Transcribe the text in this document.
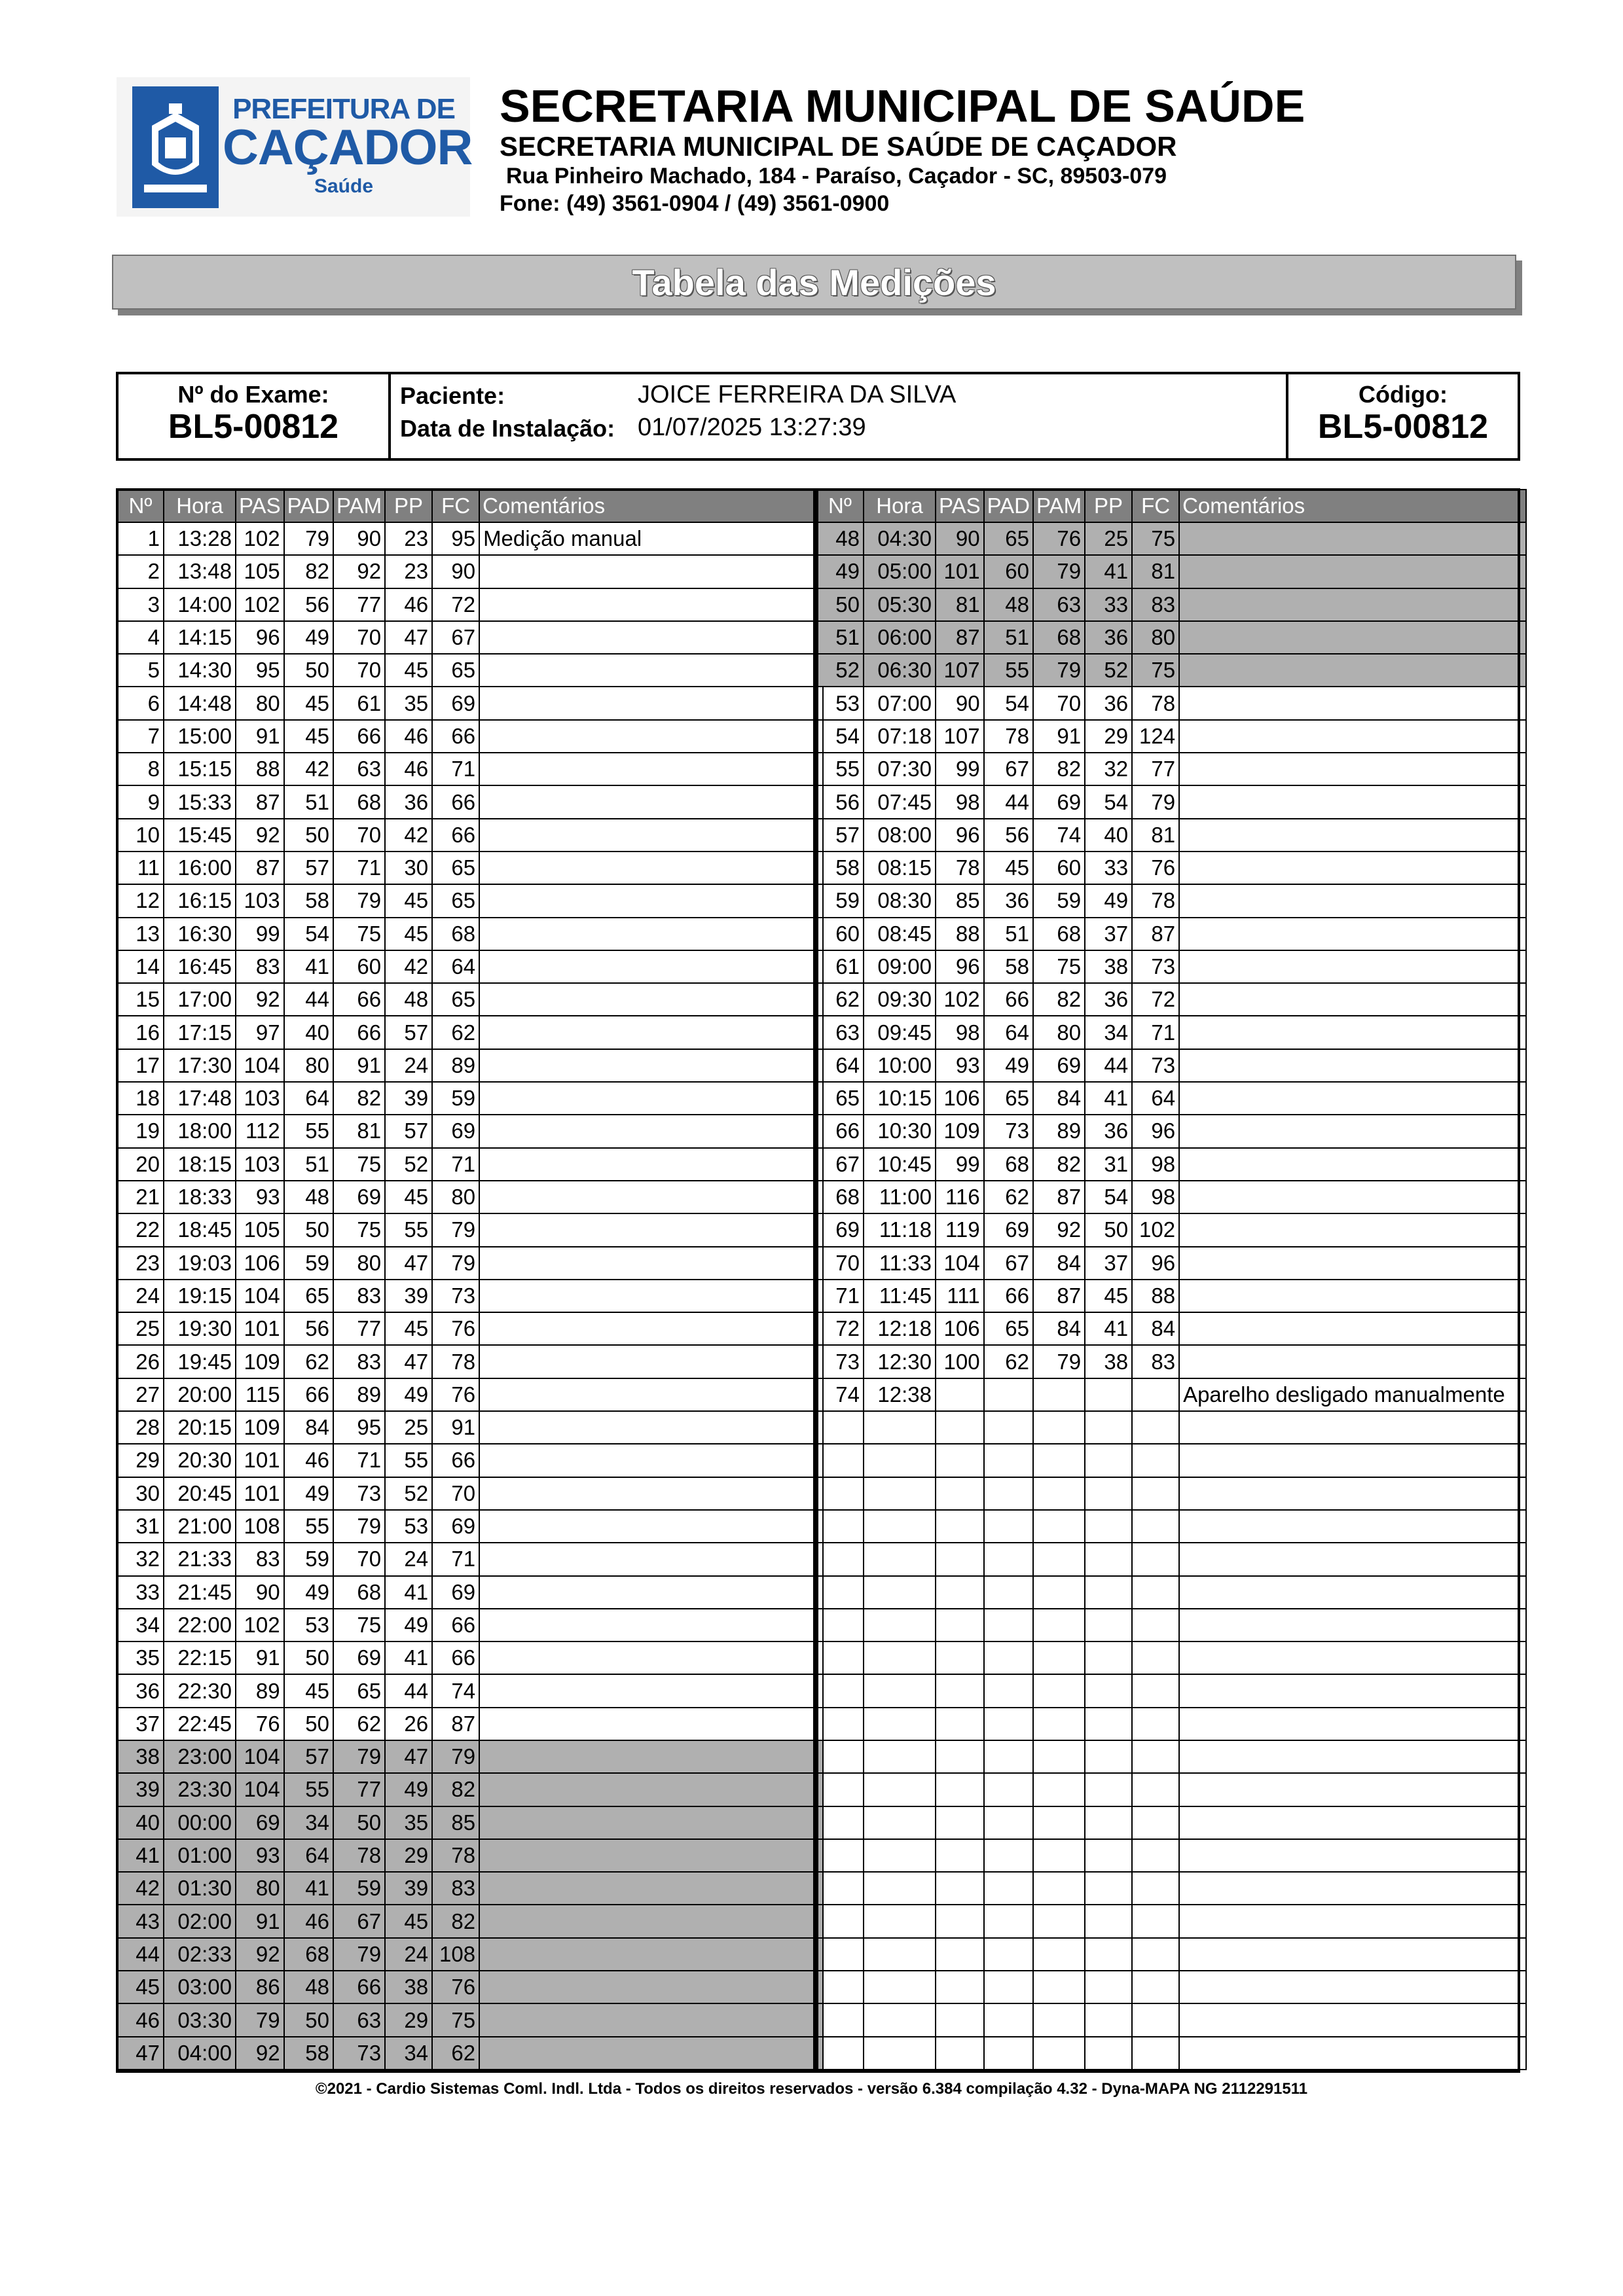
PREFEITURA DE
CAÇADOR
Saúde
SECRETARIA MUNICIPAL DE SAÚDE
SECRETARIA MUNICIPAL DE SAÚDE DE CAÇADOR
Rua Pinheiro Machado, 184 - Paraíso, Caçador - SC, 89503-079
Fone: (49) 3561-0904 / (49) 3561-0900
Tabela das Medições
Nº do Exame:
BL5-00812
Paciente:	JOICE FERREIRA DA SILVA
Data de Instalação: 01/07/2025 13:27:39
Código:
BL5-00812
Nº	Hora	PAS	PAD	PAM	PP	FC	Comentários
1	13:28	102	79	90	23	95	Medição manual
2	13:48	105	82	92	23	90	
3	14:00	102	56	77	46	72	
4	14:15	96	49	70	47	67	
5	14:30	95	50	70	45	65	
6	14:48	80	45	61	35	69	
7	15:00	91	45	66	46	66	
8	15:15	88	42	63	46	71	
9	15:33	87	51	68	36	66	
10	15:45	92	50	70	42	66	
11	16:00	87	57	71	30	65	
12	16:15	103	58	79	45	65	
13	16:30	99	54	75	45	68	
14	16:45	83	41	60	42	64	
15	17:00	92	44	66	48	65	
16	17:15	97	40	66	57	62	
17	17:30	104	80	91	24	89	
18	17:48	103	64	82	39	59	
19	18:00	112	55	81	57	69	
20	18:15	103	51	75	52	71	
21	18:33	93	48	69	45	80	
22	18:45	105	50	75	55	79	
23	19:03	106	59	80	47	79	
24	19:15	104	65	83	39	73	
25	19:30	101	56	77	45	76	
26	19:45	109	62	83	47	78	
27	20:00	115	66	89	49	76	
28	20:15	109	84	95	25	91	
29	20:30	101	46	71	55	66	
30	20:45	101	49	73	52	70	
31	21:00	108	55	79	53	69	
32	21:33	83	59	70	24	71	
33	21:45	90	49	68	41	69	
34	22:00	102	53	75	49	66	
35	22:15	91	50	69	41	66	
36	22:30	89	45	65	44	74	
37	22:45	76	50	62	26	87	
38	23:00	104	57	79	47	79	
39	23:30	104	55	77	49	82	
40	00:00	69	34	50	35	85	
41	01:00	93	64	78	29	78	
42	01:30	80	41	59	39	83	
43	02:00	91	46	67	45	82	
44	02:33	92	68	79	24	108	
45	03:00	86	48	66	38	76	
46	03:30	79	50	63	29	75	
47	04:00	92	58	73	34	62	
Nº	Hora	PAS	PAD	PAM	PP	FC	Comentários
48	04:30	90	65	76	25	75	
49	05:00	101	60	79	41	81	
50	05:30	81	48	63	33	83	
51	06:00	87	51	68	36	80	
52	06:30	107	55	79	52	75	
53	07:00	90	54	70	36	78	
54	07:18	107	78	91	29	124	
55	07:30	99	67	82	32	77	
56	07:45	98	44	69	54	79	
57	08:00	96	56	74	40	81	
58	08:15	78	45	60	33	76	
59	08:30	85	36	59	49	78	
60	08:45	88	51	68	37	87	
61	09:00	96	58	75	38	73	
62	09:30	102	66	82	36	72	
63	09:45	98	64	80	34	71	
64	10:00	93	49	69	44	73	
65	10:15	106	65	84	41	64	
66	10:30	109	73	89	36	96	
67	10:45	99	68	82	31	98	
68	11:00	116	62	87	54	98	
69	11:18	119	69	92	50	102	
70	11:33	104	67	84	37	96	
71	11:45	111	66	87	45	88	
72	12:18	106	65	84	41	84	
73	12:30	100	62	79	38	83	
74	12:38						Aparelho desligado manualmente

©2021 - Cardio Sistemas Coml. Indl. Ltda - Todos os direitos reservados - versão 6.384 compilação 4.32 - Dyna-MAPA NG 2112291511
